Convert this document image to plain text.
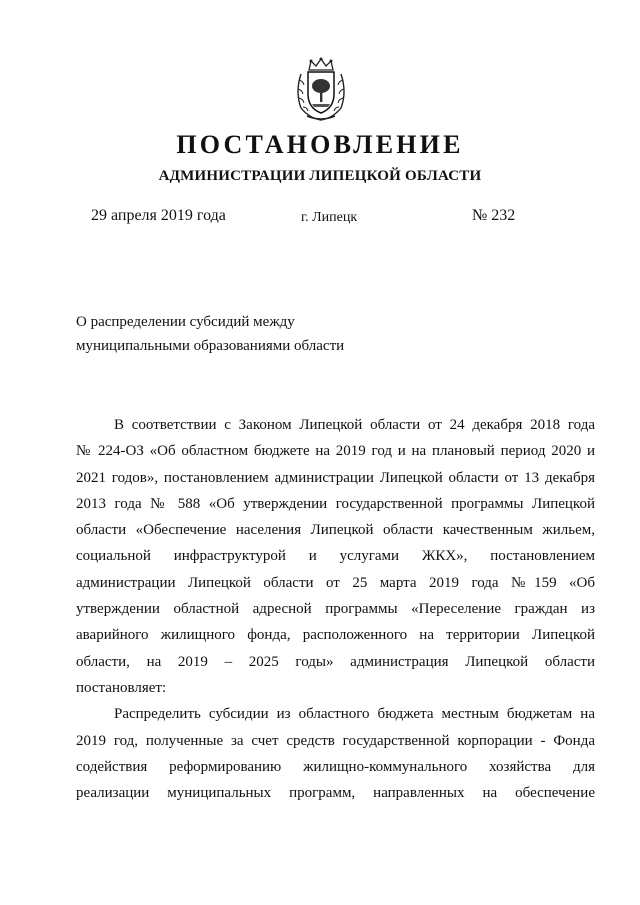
ПОСТАНОВЛЕНИЕ
АДМИНИСТРАЦИИ ЛИПЕЦКОЙ ОБЛАСТИ
29 апреля 2019 года	г. Липецк	№ 232
О распределении субсидий между
муниципальными образованиями области
В соответствии с Законом Липецкой области от 24 декабря 2018 года
№ 224-ОЗ «Об областном бюджете на 2019 год и на плановый период 2020 и
2021 годов», постановлением администрации Липецкой области от 13 декабря
2013 года № 588 «Об утверждении государственной программы Липецкой
области «Обеспечение населения Липецкой области качественным жильем,
социальной инфраструктурой и услугами ЖКХ», постановлением
администрации Липецкой области от 25 марта 2019 года №159 «Об
утверждении областной адресной программы «Переселение граждан из
аварийного жилищного фонда, расположенного на территории Липецкой
области, на 2019 – 2025 годы» администрация Липецкой области
постановляет:
Распределить субсидии из областного бюджета местным бюджетам на
2019 год, полученные за счет средств государственной корпорации - Фонда
содействия реформированию жилищно-коммунального хозяйства для
реализации муниципальных программ, направленных на обеспечение
